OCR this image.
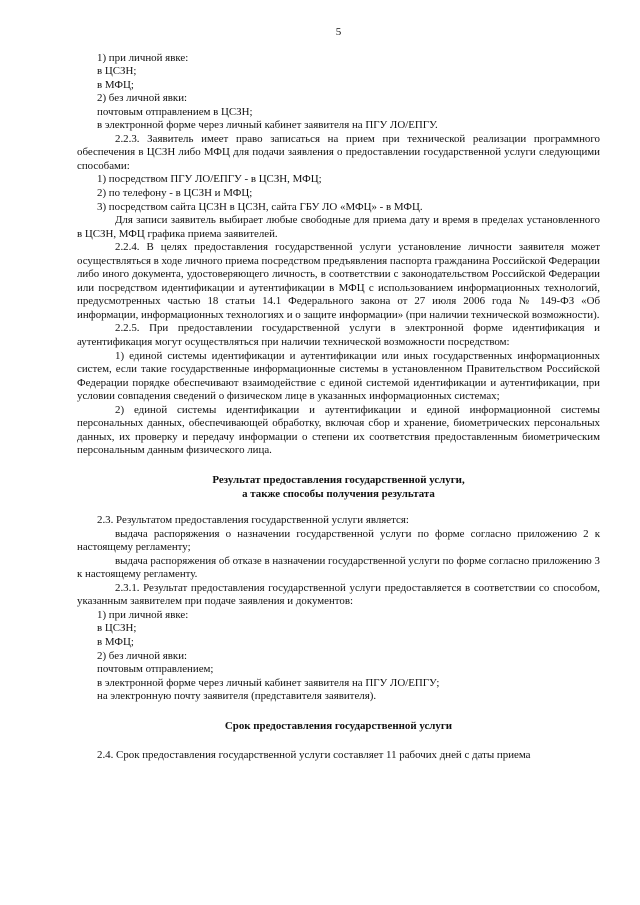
5

1) при личной явке:

в ЦСЗН;

в МФЦ;

2) без личной явки:

почтовым отправлением в ЦСЗН;

в электронной форме через личный кабинет заявителя на ПГУ ЛО/ЕПГУ.

2.2.3. Заявитель имеет право записаться на прием при технической реализации программного обеспечения в ЦСЗН либо МФЦ для подачи заявления о предоставлении государственной услуги следующими способами:

1) посредством ПГУ ЛО/ЕПГУ - в ЦСЗН, МФЦ;

2) по телефону - в ЦСЗН и МФЦ;

3) посредством сайта ЦСЗН в ЦСЗН, сайта ГБУ ЛО «МФЦ» - в МФЦ.

Для записи заявитель выбирает любые свободные для приема дату и время в пределах установленного в ЦСЗН, МФЦ графика приема заявителей.

2.2.4. В целях предоставления государственной услуги установление личности заявителя может осуществляться в ходе личного приема посредством предъявления паспорта гражданина Российской Федерации либо иного документа, удостоверяющего личность, в соответствии с законодательством Российской Федерации или посредством идентификации и аутентификации в МФЦ с использованием информационных технологий, предусмотренных частью 18 статьи 14.1 Федерального закона от 27 июля 2006 года № 149-ФЗ «Об информации, информационных технологиях и о защите информации» (при наличии технической возможности).

2.2.5. При предоставлении государственной услуги в электронной форме идентификация и аутентификация могут осуществляться при наличии технической возможности посредством:

1) единой системы идентификации и аутентификации или иных государственных информационных систем, если такие государственные информационные системы в установленном Правительством Российской Федерации порядке обеспечивают взаимодействие с единой системой идентификации и аутентификации, при условии совпадения сведений о физическом лице в указанных информационных системах;

2) единой системы идентификации и аутентификации и единой информационной системы персональных данных, обеспечивающей обработку, включая сбор и хранение, биометрических персональных данных, их проверку и передачу информации о степени их соответствия предоставленным биометрическим персональным данным физического лица.

Результат предоставления государственной услуги,

а также способы получения результата

2.3. Результатом предоставления государственной услуги является:

выдача распоряжения о назначении государственной услуги по форме согласно приложению 2 к настоящему регламенту;

выдача распоряжения об отказе в назначении государственной услуги по форме согласно приложению 3 к настоящему регламенту.

2.3.1. Результат предоставления государственной услуги предоставляется в соответствии со способом, указанным заявителем при подаче заявления и документов:

1) при личной явке:

в ЦСЗН;

в МФЦ;

2) без личной явки:

почтовым отправлением;

в электронной форме через личный кабинет заявителя на ПГУ ЛО/ЕПГУ;

на электронную почту заявителя (представителя заявителя).

Срок предоставления государственной услуги

2.4. Срок предоставления государственной услуги составляет 11 рабочих дней с даты приема
